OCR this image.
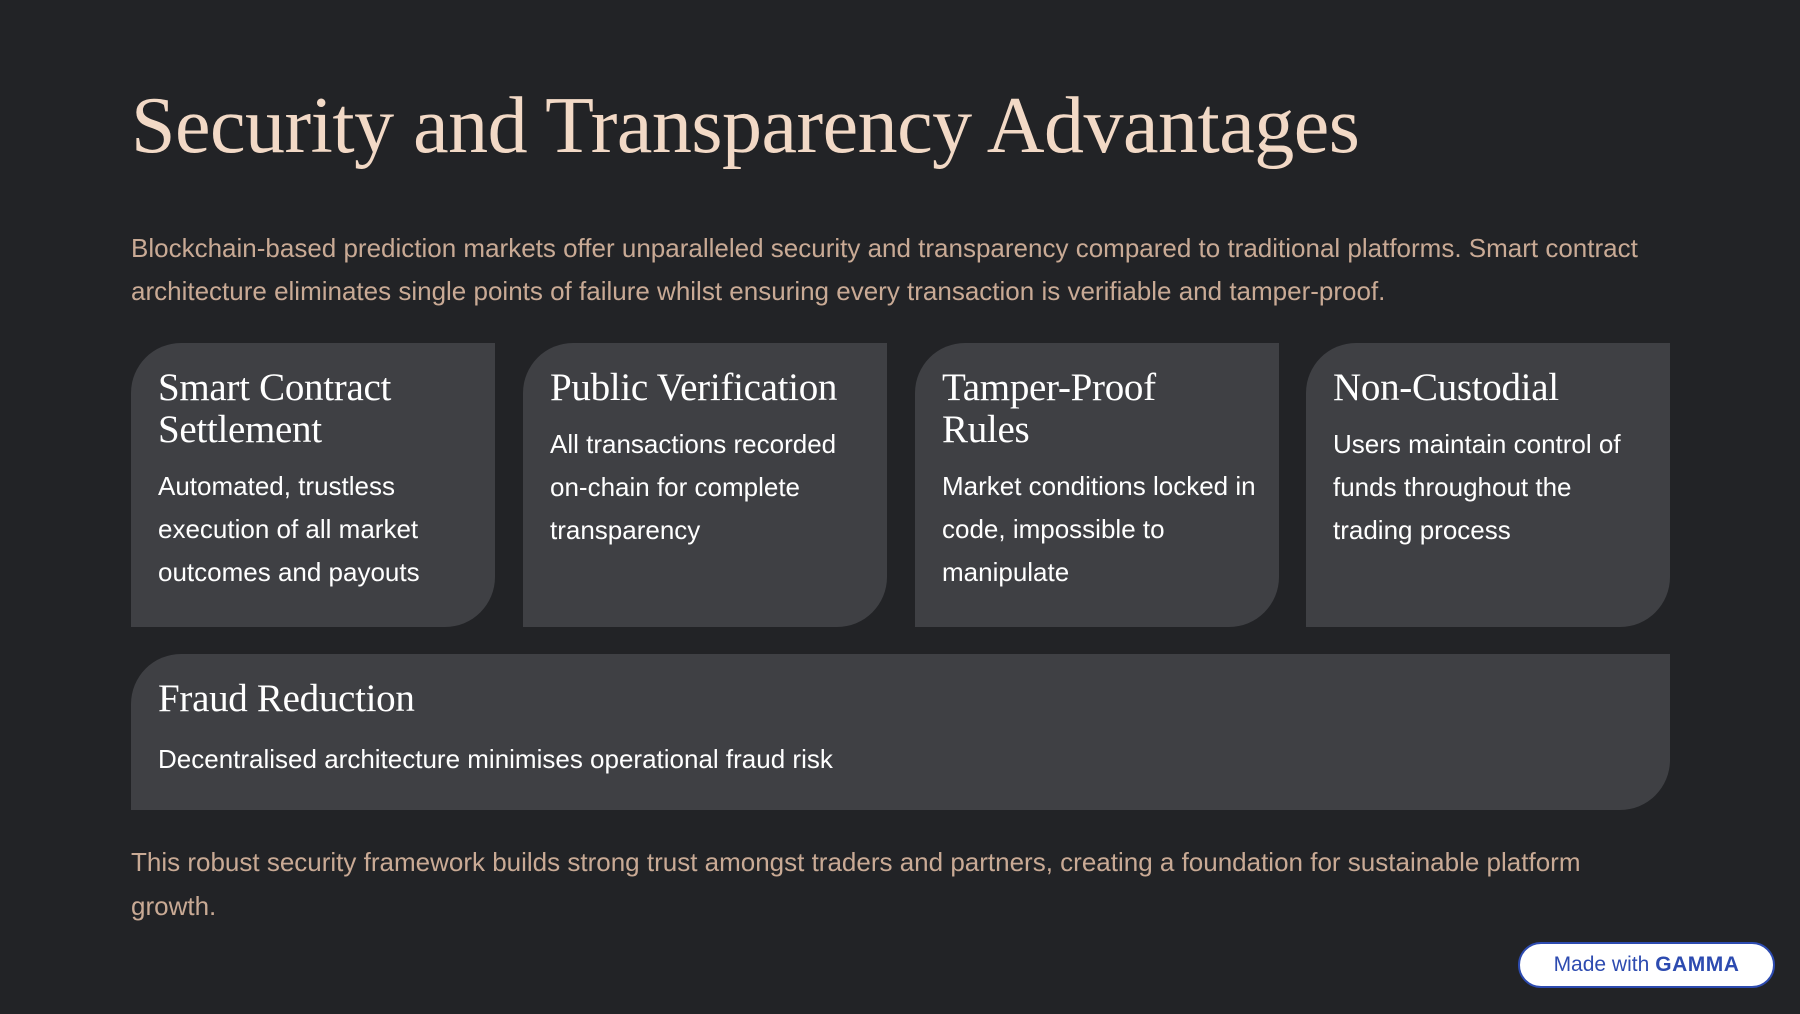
Security and Transparency Advantages

Blockchain-based prediction markets offer unparalleled security and transparency compared to traditional platforms. Smart contract architecture eliminates single points of failure whilst ensuring every transaction is verifiable and tamper-proof.

Smart Contract Settlement

Automated, trustless execution of all market outcomes and payouts

Public Verification

All transactions recorded on-chain for complete transparency

Tamper-Proof Rules

Market conditions locked in code, impossible to manipulate

Non-Custodial

Users maintain control of funds throughout the trading process

Fraud Reduction

Decentralised architecture minimises operational fraud risk

This robust security framework builds strong trust amongst traders and partners, creating a foundation for sustainable platform growth.

Made with GAMMA
